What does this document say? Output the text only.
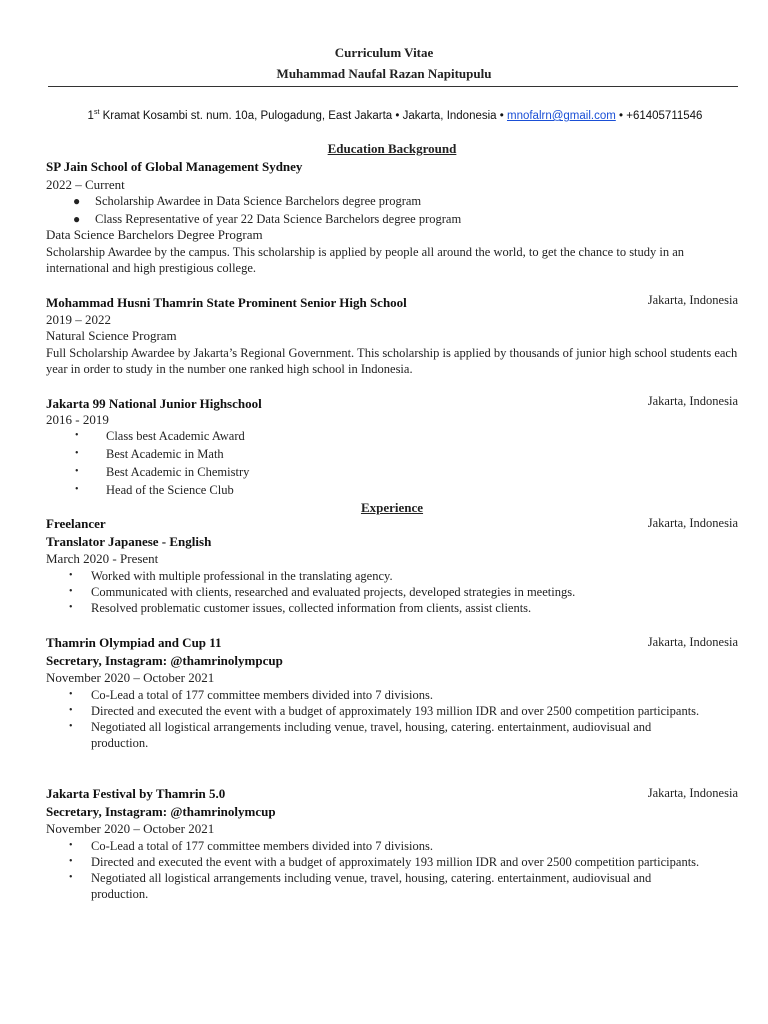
Curriculum Vitae
Muhammad Naufal Razan Napitupulu
1st Kramat Kosambi st. num. 10a, Pulogadung, East Jakarta • Jakarta, Indonesia • mnofalrn@gmail.com • +61405711546
Education Background
SP Jain School of Global Management Sydney
2022 – Current
● Scholarship Awardee in Data Science Barchelors degree program
● Class Representative of year 22 Data Science Barchelors degree program
Data Science Barchelors Degree Program
Scholarship Awardee by the campus. This scholarship is applied by people all around the world, to get the chance to study in an international and high prestigious college.
Mohammad Husni Thamrin State Prominent Senior High School	Jakarta, Indonesia
2019 – 2022
Natural Science Program
Full Scholarship Awardee by Jakarta’s Regional Government. This scholarship is applied by thousands of junior high school students each year in order to study in the number one ranked high school in Indonesia.
Jakarta 99 National Junior Highschool	Jakarta, Indonesia
2016 - 2019
• Class best Academic Award
• Best Academic in Math
• Best Academic in Chemistry
• Head of the Science Club
Experience
Freelancer	Jakarta, Indonesia
Translator Japanese - English
March 2020 - Present
• Worked with multiple professional in the translating agency.
• Communicated with clients, researched and evaluated projects, developed strategies in meetings.
• Resolved problematic customer issues, collected information from clients, assist clients.
Thamrin Olympiad and Cup 11	Jakarta, Indonesia
Secretary, Instagram: @thamrinolympcup
November 2020 – October 2021
• Co-Lead a total of 177 committee members divided into 7 divisions.
• Directed and executed the event with a budget of approximately 193 million IDR and over 2500 competition participants.
• Negotiated all logistical arrangements including venue, travel, housing, catering. entertainment, audiovisual and production.
Jakarta Festival by Thamrin 5.0	Jakarta, Indonesia
Secretary, Instagram: @thamrinolymcup
November 2020 – October 2021
• Co-Lead a total of 177 committee members divided into 7 divisions.
• Directed and executed the event with a budget of approximately 193 million IDR and over 2500 competition participants.
• Negotiated all logistical arrangements including venue, travel, housing, catering. entertainment, audiovisual and production.
